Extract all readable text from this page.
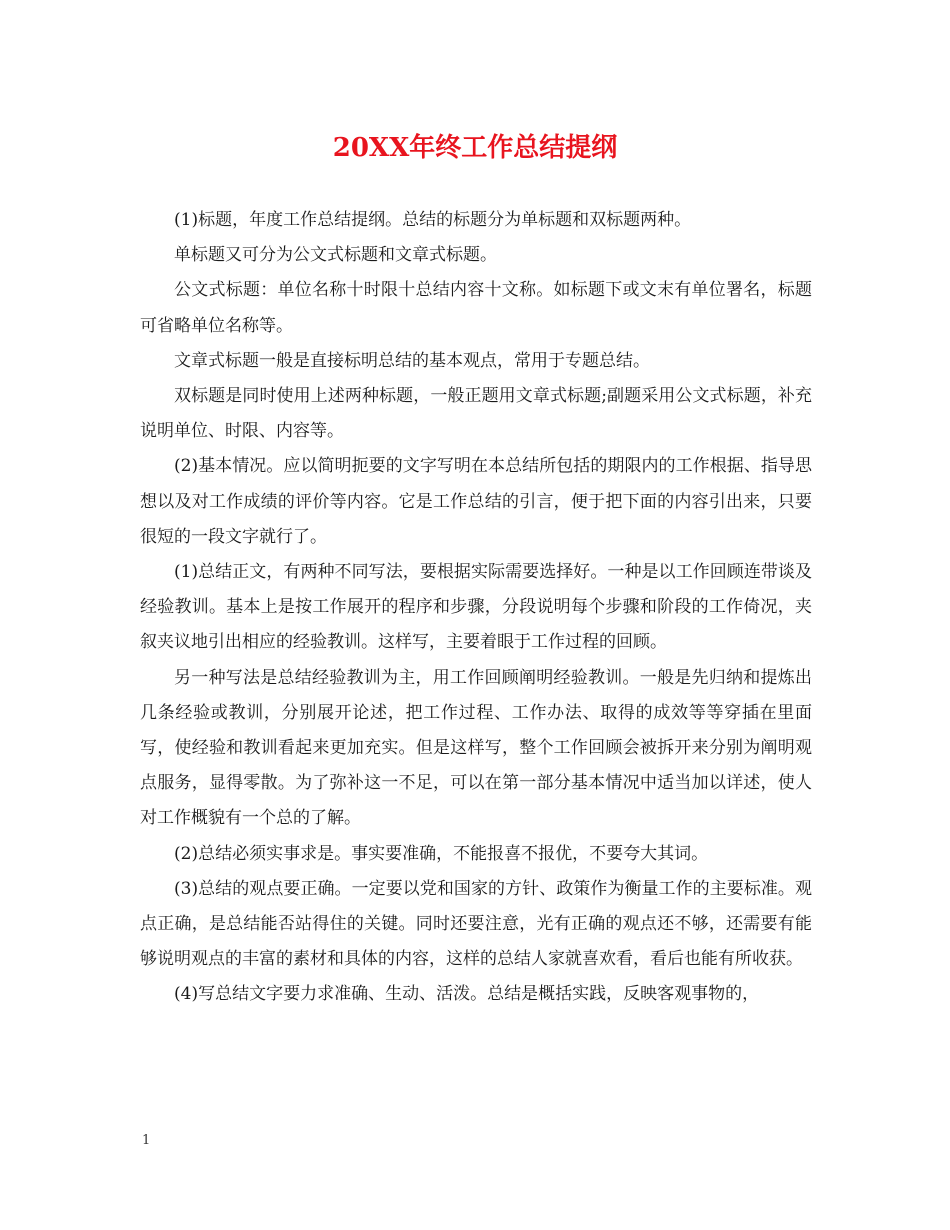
20XX年终工作总结提纲

(1)标题，年度工作总结提纲。总结的标题分为单标题和双标题两种。

单标题又可分为公文式标题和文章式标题。

公文式标题：单位名称十时限十总结内容十文称。如标题下或文末有单位署名，标题可省略单位名称等。

文章式标题一般是直接标明总结的基本观点，常用于专题总结。

双标题是同时使用上述两种标题，一般正题用文章式标题;副题采用公文式标题，补充说明单位、时限、内容等。

(2)基本情况。应以简明扼要的文字写明在本总结所包括的期限内的工作根据、指导思想以及对工作成绩的评价等内容。它是工作总结的引言，便于把下面的内容引出来，只要很短的一段文字就行了。

(1)总结正文，有两种不同写法，要根据实际需要选择好。一种是以工作回顾连带谈及经验教训。基本上是按工作展开的程序和步骤，分段说明每个步骤和阶段的工作倚况，夹叙夹议地引出相应的经验教训。这样写，主要着眼于工作过程的回顾。

另一种写法是总结经验教训为主，用工作回顾阐明经验教训。一般是先归纳和提炼出几条经验或教训，分别展开论述，把工作过程、工作办法、取得的成效等等穿插在里面写，使经验和教训看起来更加充实。但是这样写，整个工作回顾会被拆开来分别为阐明观点服务，显得零散。为了弥补这一不足，可以在第一部分基本情况中适当加以详述，使人对工作概貌有一个总的了解。

(2)总结必须实事求是。事实要准确，不能报喜不报优，不要夸大其词。

(3)总结的观点要正确。一定要以党和国家的方针、政策作为衡量工作的主要标准。观点正确，是总结能否站得住的关键。同时还要注意，光有正确的观点还不够，还需要有能够说明观点的丰富的素材和具体的内容，这样的总结人家就喜欢看，看后也能有所收获。

(4)写总结文字要力求准确、生动、活泼。总结是概括实践，反映客观事物的，

1
